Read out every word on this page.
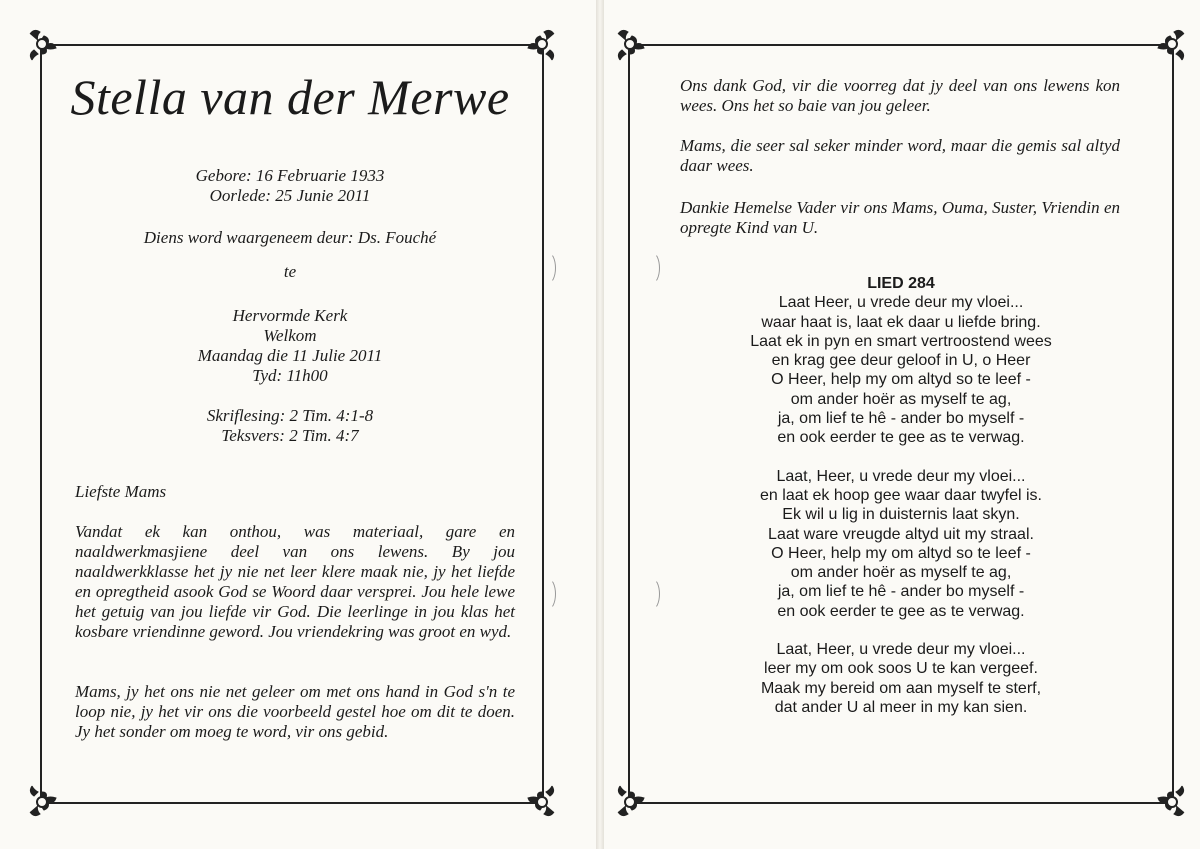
Stella van der Merwe
Gebore: 16 Februarie 1933
Oorlede: 25 Junie 2011
Diens word waargeneem deur: Ds. Fouché
te
Hervormde Kerk
Welkom
Maandag die 11 Julie 2011
Tyd: 11h00
Skriflesing: 2 Tim. 4:1-8
Teksvers: 2 Tim. 4:7
Liefste Mams
Vandat ek kan onthou, was materiaal, gare en naaldwerkmasjiene deel van ons lewens. By jou naaldwerkklasse het jy nie net leer klere maak nie, jy het liefde en opregtheid asook God se Woord daar versprei. Jou hele lewe het getuig van jou liefde vir God. Die leerlinge in jou klas het kosbare vriendinne geword. Jou vriendekring was groot en wyd.
Mams, jy het ons nie net geleer om met ons hand in God s'n te loop nie, jy het vir ons die voorbeeld gestel hoe om dit te doen. Jy het sonder om moeg te word, vir ons gebid.
Ons dank God, vir die voorreg dat jy deel van ons lewens kon wees. Ons het so baie van jou geleer.
Mams, die seer sal seker minder word, maar die gemis sal altyd daar wees.
Dankie Hemelse Vader vir ons Mams, Ouma, Suster, Vriendin en opregte Kind van U.
LIED 284
Laat Heer, u vrede deur my vloei...
waar haat is, laat ek daar u liefde bring.
Laat ek in pyn en smart vertroostend wees
en krag gee deur geloof in U, o Heer
O Heer, help my om altyd so te leef -
om ander hoër as myself te ag,
ja, om lief te hê - ander bo myself -
en ook eerder te gee as te verwag.
Laat, Heer, u vrede deur my vloei...
en laat ek hoop gee waar daar twyfel is.
Ek wil u lig in duisternis laat skyn.
Laat ware vreugde altyd uit my straal.
O Heer, help my om altyd so te leef -
om ander hoër as myself te ag,
ja, om lief te hê - ander bo myself -
en ook eerder te gee as te verwag.
Laat, Heer, u vrede deur my vloei...
leer my om ook soos U te kan vergeef.
Maak my bereid om aan myself te sterf,
dat ander U al meer in my kan sien.
